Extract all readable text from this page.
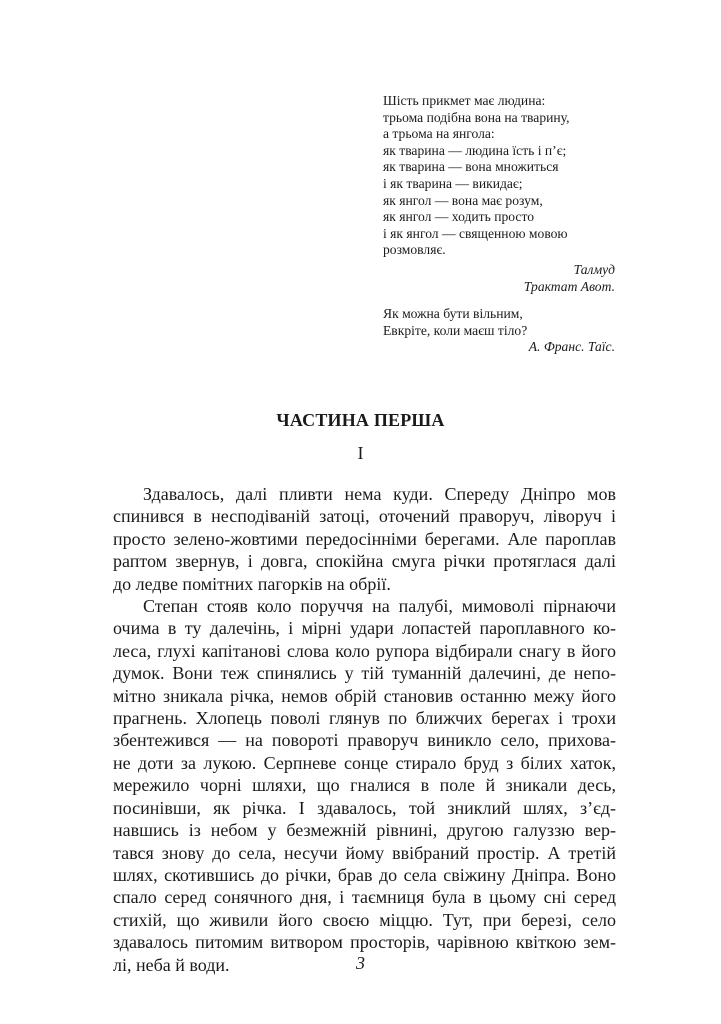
Шість прикмет має людина:
трьома подібна вона на тварину,
а трьома на янгола:
як тварина — людина їсть і п’є;
як тварина — вона множиться
і як тварина — викидає;
як янгол — вона має розум,
як янгол — ходить просто
і як янгол — священною мовою
розмовляє.
Талмуд
Трактат Авот.
Як можна бути вільним,
Евкріте, коли маєш тіло?
А. Франс. Таїс.
ЧАСТИНА ПЕРША
I
Здавалось, далі пливти нема куди. Спереду Дніпро мов
спинився в несподіваній затоці, оточений праворуч, ліворуч і
просто зелено-жовтими передосінніми берегами. Але пароплав
раптом звернув, і довга, спокійна смуга річки протяглася далі
до ледве помітних пагорків на обрії.
Степан стояв коло поруччя на палубі, мимоволі пірнаючи
очима в ту далечінь, і мірні удари лопастей пароплавного ко-
леса, глухі капітанові слова коло рупора відбирали снагу в його
думок. Вони теж спинялись у тій туманній далечині, де непо-
мітно зникала річка, немов обрій становив останню межу його
прагнень. Хлопець поволі глянув по ближчих берегах і трохи
збентежився — на повороті праворуч виникло село, прихова-
не доти за лукою. Серпневе сонце стирало бруд з білих хаток,
мережило чорні шляхи, що гналися в поле й зникали десь,
посинівши, як річка. І здавалось, той зниклий шлях, з’єд-
навшись із небом у безмежній рівнині, другою галуззю вер-
тався знову до села, несучи йому ввібраний простір. А третій
шлях, скотившись до річки, брав до села свіжину Дніпра. Воно
спало серед сонячного дня, і таємниця була в цьому сні серед
стихій, що живили його своєю міццю. Тут, при березі, село
здавалось питомим витвором просторів, чарівною квіткою зем-
лі, неба й води.	3
